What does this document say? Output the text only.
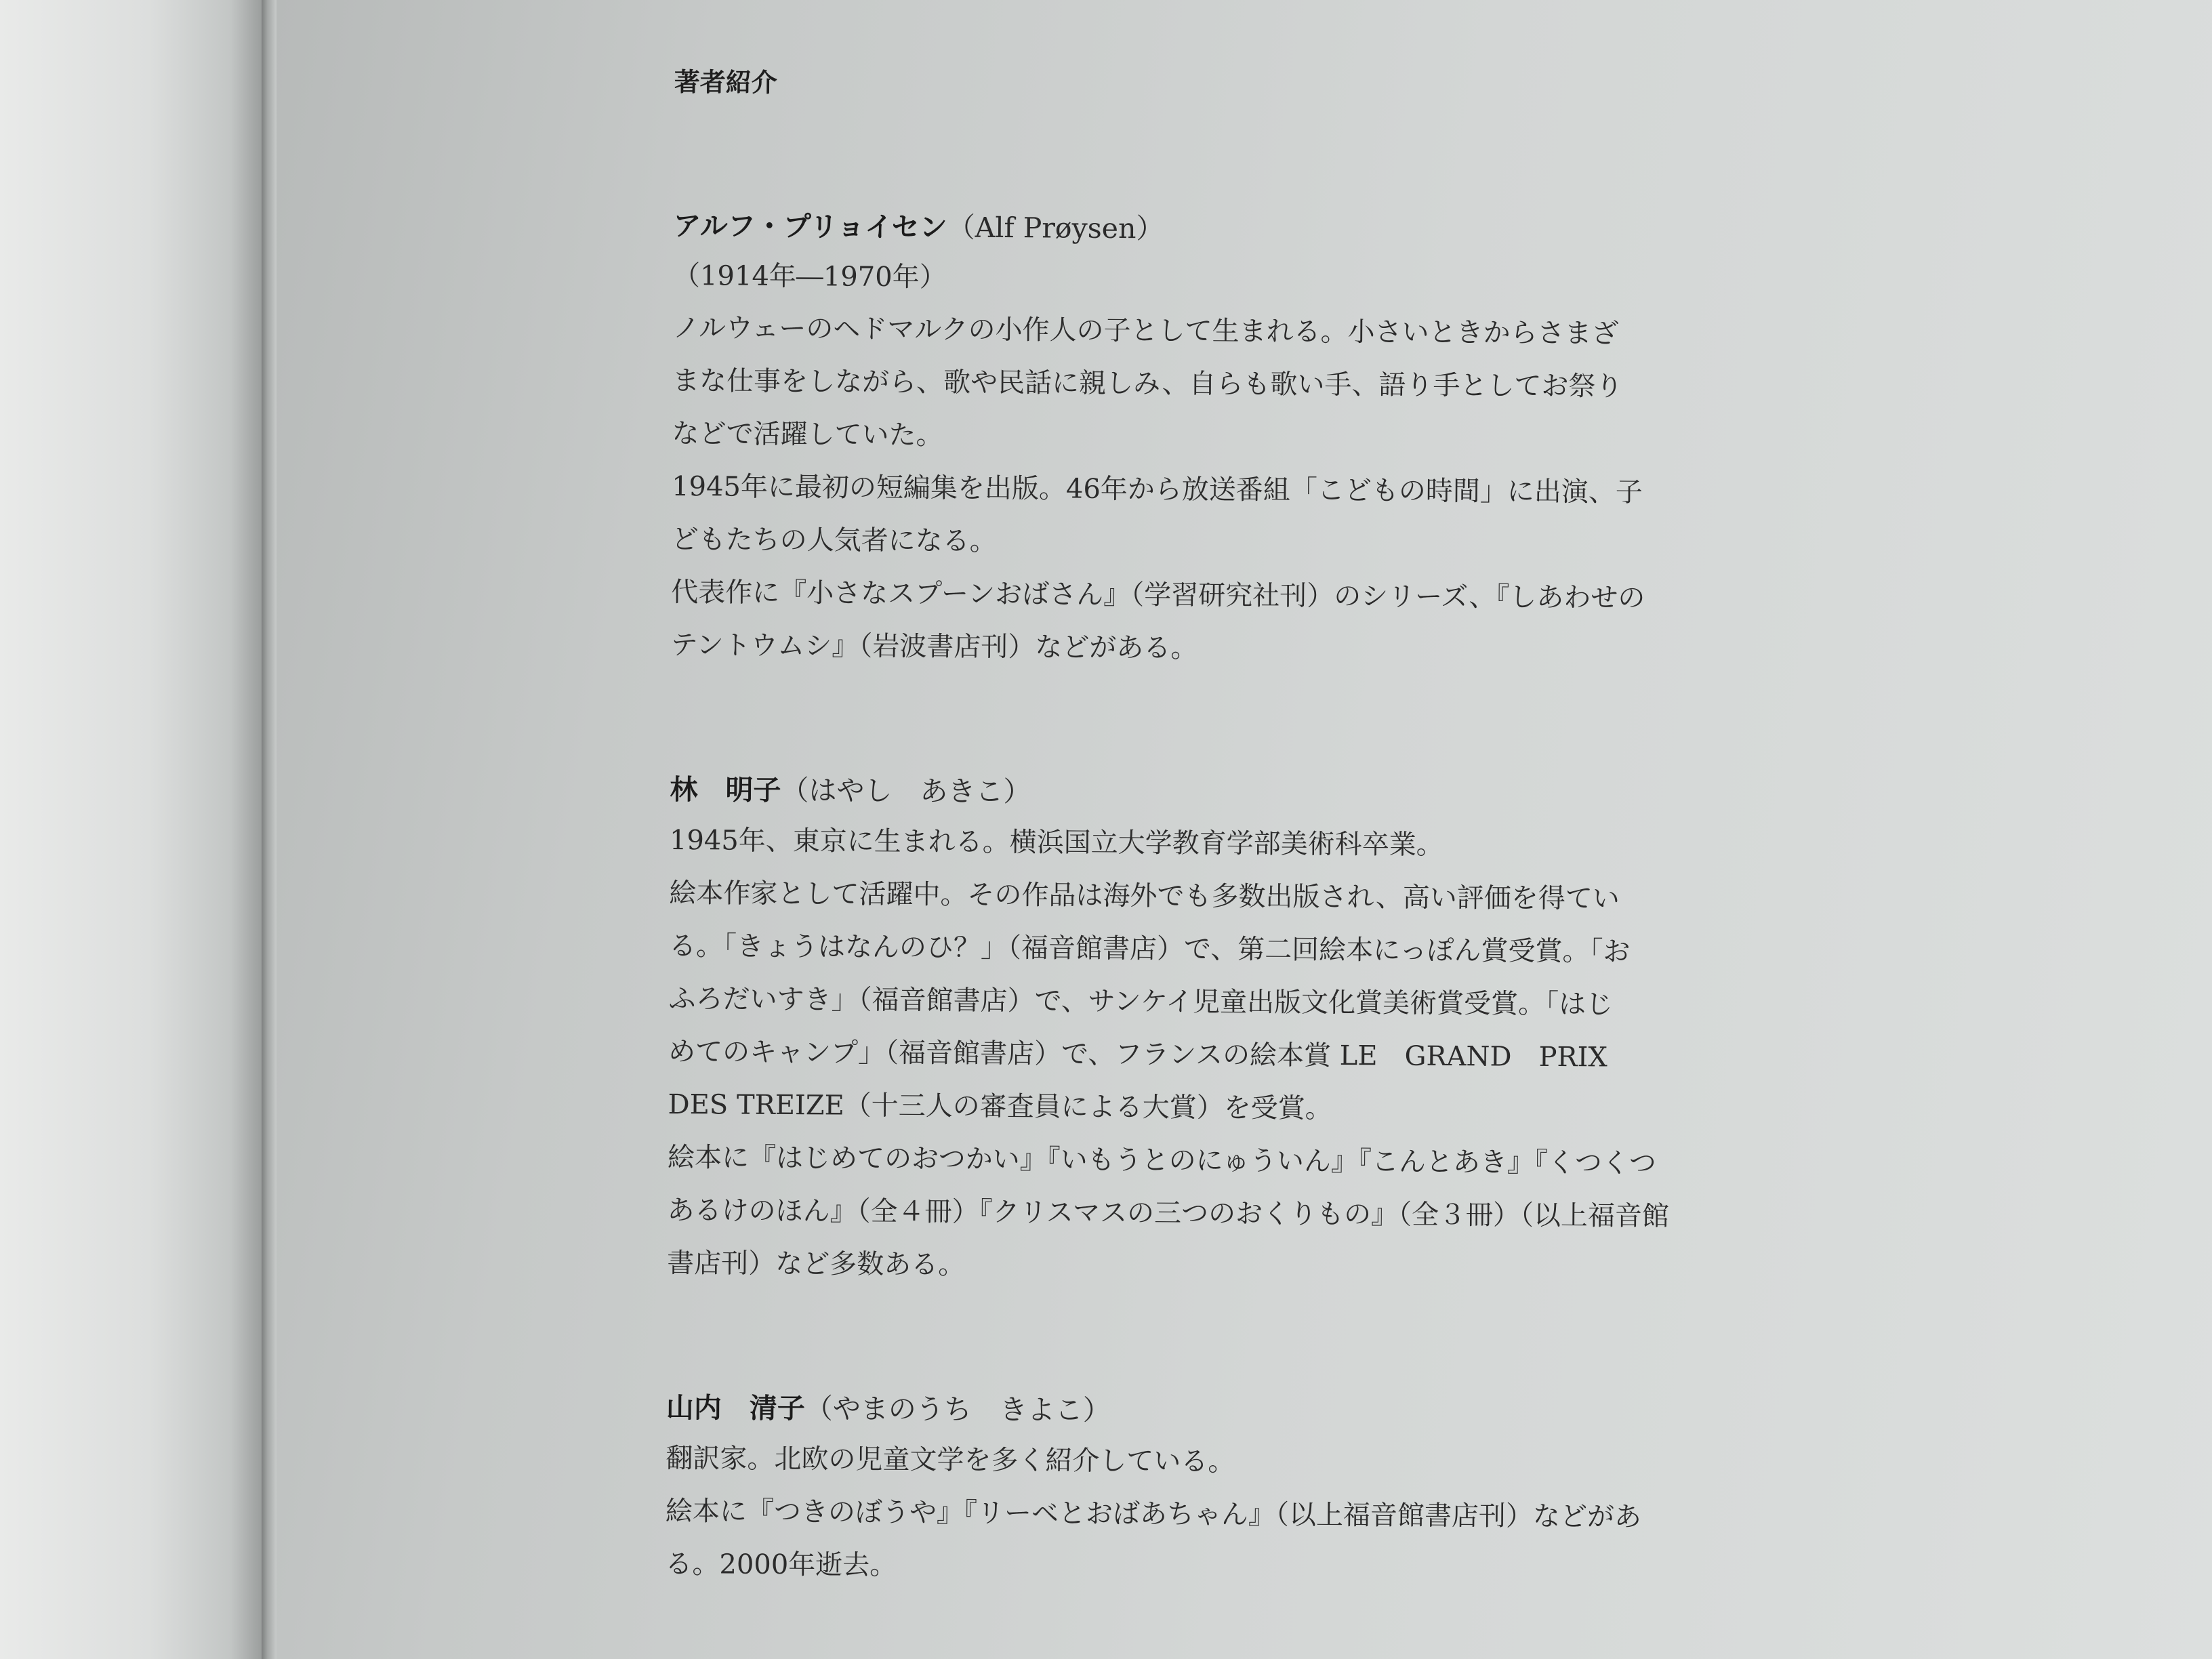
著者紹介

アルフ・プリョイセン（Alf Prøysen）

（1914年―1970年）

ノルウェーのヘドマルクの小作人の子として生まれる。小さいときからさまざ

まな仕事をしながら、歌や民話に親しみ、自らも歌い手、語り手としてお祭り

などで活躍していた。

1945年に最初の短編集を出版。46年から放送番組「こどもの時間」に出演、子

どもたちの人気者になる。

代表作に『小さなスプーンおばさん』（学習研究社刊）のシリーズ、『しあわせの

テントウムシ』（岩波書店刊）などがある。

林　明子（はやし　あきこ）

1945年、東京に生まれる。横浜国立大学教育学部美術科卒業。

絵本作家として活躍中。その作品は海外でも多数出版され、高い評価を得てい

る。「きょうはなんのひ？」（福音館書店）で、第二回絵本にっぽん賞受賞。「お

ふろだいすき」（福音館書店）で、サンケイ児童出版文化賞美術賞受賞。「はじ

めてのキャンプ」（福音館書店）で、フランスの絵本賞 LE　GRAND　PRIX

DES TREIZE（十三人の審査員による大賞）を受賞。

絵本に『はじめてのおつかい』『いもうとのにゅういん』『こんとあき』『くつくつ

あるけのほん』（全４冊）『クリスマスの三つのおくりもの』（全３冊）（以上福音館

書店刊）など多数ある。

山内　清子（やまのうち　きよこ）

翻訳家。北欧の児童文学を多く紹介している。

絵本に『つきのぼうや』『リーベとおばあちゃん』（以上福音館書店刊）などがあ

る。2000年逝去。
